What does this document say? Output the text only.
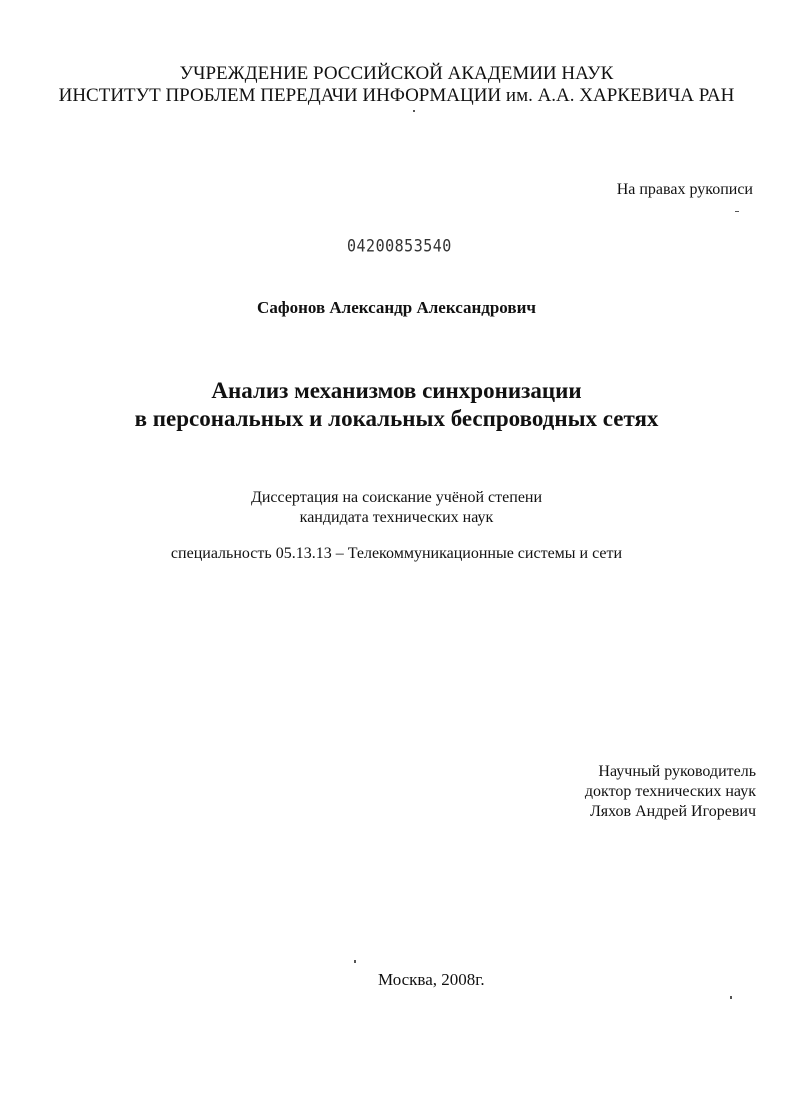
УЧРЕЖДЕНИЕ РОССИЙСКОЙ АКАДЕМИИ НАУК
ИНСТИТУТ ПРОБЛЕМ ПЕРЕДАЧИ ИНФОРМАЦИИ им. А.А. ХАРКЕВИЧА РАН
На правах рукописи
04200853540
Сафонов Александр Александрович
Анализ механизмов синхронизации
в персональных и локальных беспроводных сетях
Диссертация на соискание учёной степени
кандидата технических наук
специальность 05.13.13 – Телекоммуникационные системы и сети
Научный руководитель
доктор технических наук
Ляхов Андрей Игоревич
Москва, 2008г.
